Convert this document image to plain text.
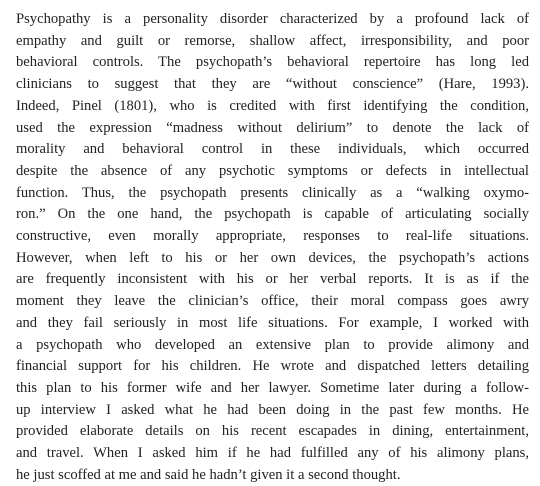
Psychopathy is a personality disorder characterized by a profound lack of
empathy and guilt or remorse, shallow affect, irresponsibility, and poor
behavioral controls. The psychopath’s behavioral repertoire has long led
clinicians to suggest that they are “without conscience” (Hare, 1993).
Indeed, Pinel (1801), who is credited with first identifying the condition,
used the expression “madness without delirium” to denote the lack of
morality and behavioral control in these individuals, which occurred
despite the absence of any psychotic symptoms or defects in intellectual
function. Thus, the psychopath presents clinically as a “walking oxymo-
ron.” On the one hand, the psychopath is capable of articulating socially
constructive, even morally appropriate, responses to real-life situations.
However, when left to his or her own devices, the psychopath’s actions
are frequently inconsistent with his or her verbal reports. It is as if the
moment they leave the clinician’s office, their moral compass goes awry
and they fail seriously in most life situations. For example, I worked with
a psychopath who developed an extensive plan to provide alimony and
financial support for his children. He wrote and dispatched letters detailing
this plan to his former wife and her lawyer. Sometime later during a follow-
up interview I asked what he had been doing in the past few months. He
provided elaborate details on his recent escapades in dining, entertainment,
and travel. When I asked him if he had fulfilled any of his alimony plans,
he just scoffed at me and said he hadn’t given it a second thought.
